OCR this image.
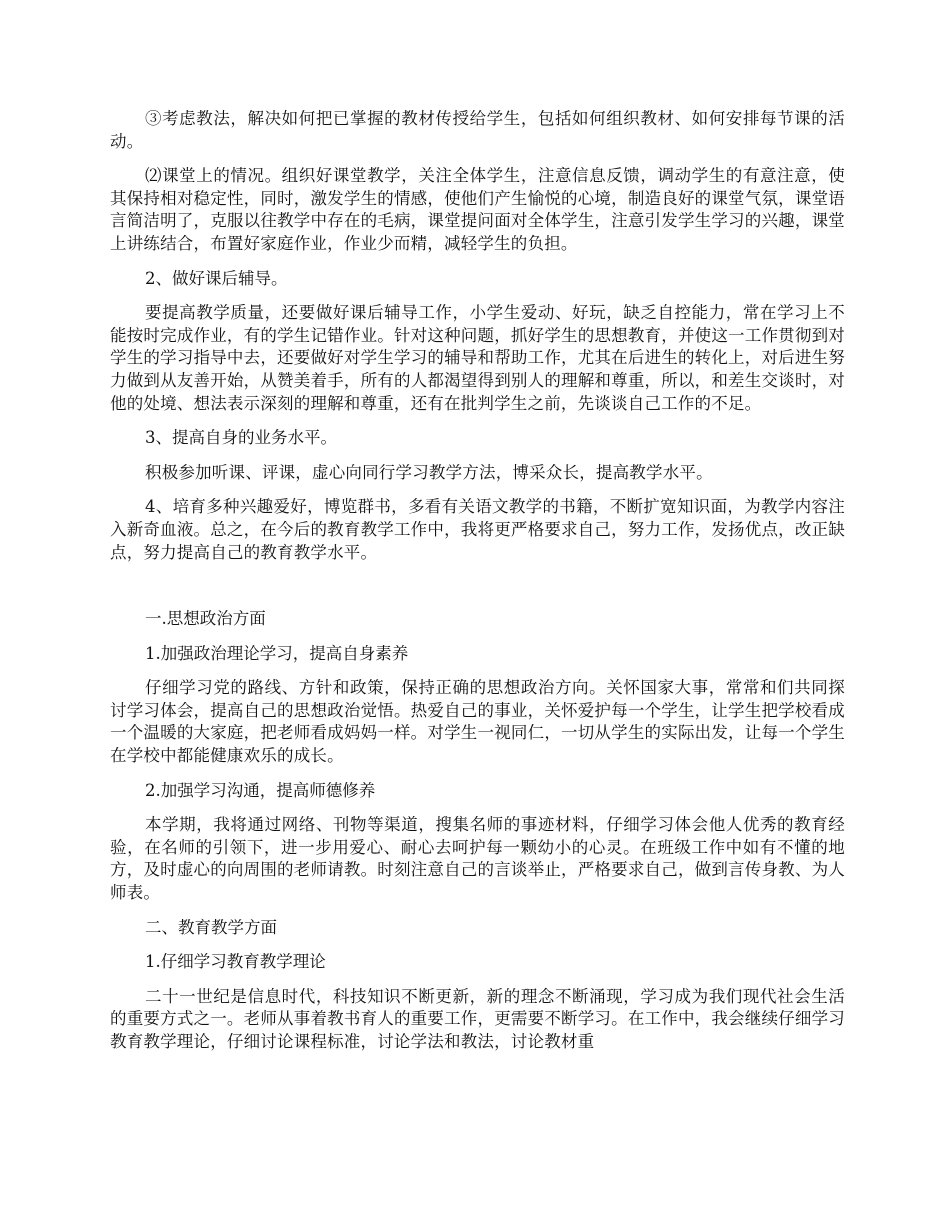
③考虑教法，解决如何把已掌握的教材传授给学生，包括如何组织教材、如何安排每节课的活动。

⑵课堂上的情况。组织好课堂教学，关注全体学生，注意信息反馈，调动学生的有意注意，使其保持相对稳定性，同时，激发学生的情感，使他们产生愉悦的心境，制造良好的课堂气氛，课堂语言简洁明了，克服以往教学中存在的毛病，课堂提问面对全体学生，注意引发学生学习的兴趣，课堂上讲练结合，布置好家庭作业，作业少而精，减轻学生的负担。

2、做好课后辅导。

要提高教学质量，还要做好课后辅导工作，小学生爱动、好玩，缺乏自控能力，常在学习上不能按时完成作业，有的学生记错作业。针对这种问题，抓好学生的思想教育，并使这一工作贯彻到对学生的学习指导中去，还要做好对学生学习的辅导和帮助工作，尤其在后进生的转化上，对后进生努力做到从友善开始，从赞美着手，所有的人都渴望得到别人的理解和尊重，所以，和差生交谈时，对他的处境、想法表示深刻的理解和尊重，还有在批判学生之前，先谈谈自己工作的不足。

3、提高自身的业务水平。

积极参加听课、评课，虚心向同行学习教学方法，博采众长，提高教学水平。

4、培育多种兴趣爱好，博览群书，多看有关语文教学的书籍，不断扩宽知识面，为教学内容注入新奇血液。总之，在今后的教育教学工作中，我将更严格要求自己，努力工作，发扬优点，改正缺点，努力提高自己的教育教学水平。

一.思想政治方面

1.加强政治理论学习，提高自身素养

仔细学习党的路线、方针和政策，保持正确的思想政治方向。关怀国家大事，常常和们共同探讨学习体会，提高自己的思想政治觉悟。热爱自己的事业，关怀爱护每一个学生，让学生把学校看成一个温暖的大家庭，把老师看成妈妈一样。对学生一视同仁，一切从学生的实际出发，让每一个学生在学校中都能健康欢乐的成长。

2.加强学习沟通，提高师德修养

本学期，我将通过网络、刊物等渠道，搜集名师的事迹材料，仔细学习体会他人优秀的教育经验，在名师的引领下，进一步用爱心、耐心去呵护每一颗幼小的心灵。在班级工作中如有不懂的地方，及时虚心的向周围的老师请教。时刻注意自己的言谈举止，严格要求自己，做到言传身教、为人师表。

二、教育教学方面

1.仔细学习教育教学理论

二十一世纪是信息时代，科技知识不断更新，新的理念不断涌现，学习成为我们现代社会生活的重要方式之一。老师从事着教书育人的重要工作，更需要不断学习。在工作中，我会继续仔细学习教育教学理论，仔细讨论课程标准，讨论学法和教法，讨论教材重
